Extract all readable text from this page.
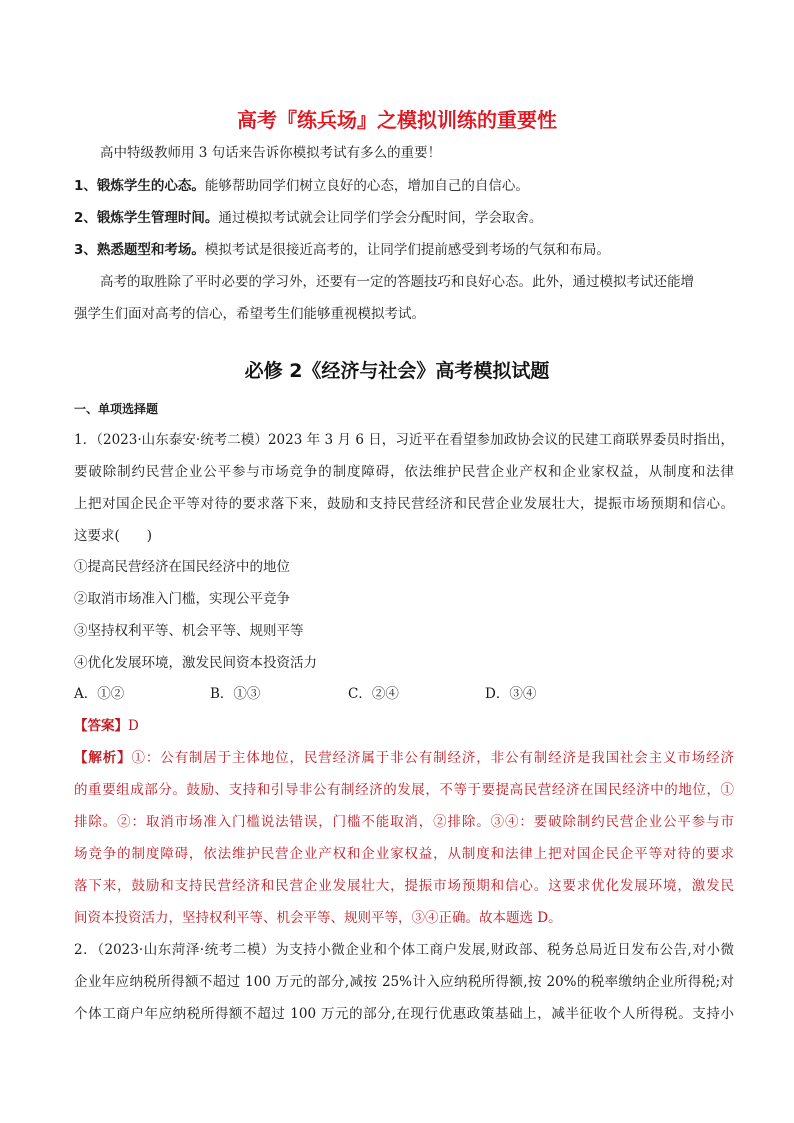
高考『练兵场』之模拟训练的重要性
高中特级教师用 3 句话来告诉你模拟考试有多么的重要！
1、锻炼学生的心态。能够帮助同学们树立良好的心态，增加自己的自信心。
2、锻炼学生管理时间。通过模拟考试就会让同学们学会分配时间，学会取舍。
3、熟悉题型和考场。模拟考试是很接近高考的，让同学们提前感受到考场的气氛和布局。
高考的取胜除了平时必要的学习外，还要有一定的答题技巧和良好心态。此外，通过模拟考试还能增
强学生们面对高考的信心，希望考生们能够重视模拟考试。
必修 2《经济与社会》高考模拟试题
一、单项选择题
1．（2023·山东泰安·统考二模）2023 年 3 月 6 日，习近平在看望参加政协会议的民建工商联界委员时指出，
要破除制约民营企业公平参与市场竞争的制度障碍，依法维护民营企业产权和企业家权益，从制度和法律
上把对国企民企平等对待的要求落下来，鼓励和支持民营经济和民营企业发展壮大，提振市场预期和信心。
这要求(　　)
①提高民营经济在国民经济中的地位
②取消市场准入门槛，实现公平竞争
③坚持权利平等、机会平等、规则平等
④优化发展环境，激发民间资本投资活力
A．①②	B．①③	C．②④	D．③④
【答案】D
【解析】①：公有制居于主体地位，民营经济属于非公有制经济，非公有制经济是我国社会主义市场经济
的重要组成部分。鼓励、支持和引导非公有制经济的发展，不等于要提高民营经济在国民经济中的地位，①
排除。②：取消市场准入门槛说法错误，门槛不能取消，②排除。③④：要破除制约民营企业公平参与市
场竞争的制度障碍，依法维护民营企业产权和企业家权益，从制度和法律上把对国企民企平等对待的要求
落下来，鼓励和支持民营经济和民营企业发展壮大，提振市场预期和信心。这要求优化发展环境，激发民
间资本投资活力，坚持权利平等、机会平等、规则平等，③④正确。故本题选 D。
2．（2023·山东菏泽·统考二模）为支持小微企业和个体工商户发展,财政部、税务总局近日发布公告,对小微
企业年应纳税所得额不超过 100 万元的部分,减按 25%计入应纳税所得额,按 20%的税率缴纳企业所得税;对
个体工商户年应纳税所得额不超过 100 万元的部分,在现行优惠政策基础上，减半征收个人所得税。支持小
